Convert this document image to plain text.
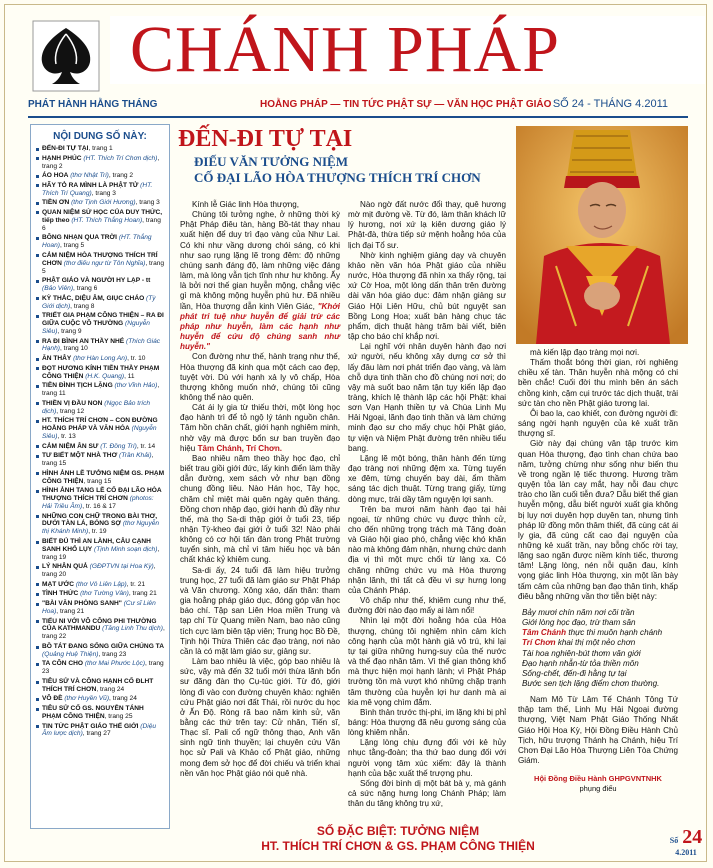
CHÁNH PHÁP
PHÁT HÀNH HẰNG THÁNG	HOẰNG PHÁP — TIN TỨC PHẬT SỰ — VĂN HỌC PHẬT GIÁO SỐ 24 - THÁNG 4.2011
NỘI DUNG SỐ NÀY:
ĐẾN-ĐI TỰ TẠI, trang 1
HẠNH PHÚC (HT. Thích Trí Chơn dịch), trang 2
ÁO HOA (thơ Nhật Tri), trang 2
HÃY TỎ RA MÌNH LÀ PHẬT TỬ (HT. Thích Trí Quang), trang 3
TIỀN ƠN (thơ Tịnh Giới Hương), trang 3
QUAN NIỆM SỨ HỌC CỦA DUY THỨC, tiếp theo (HT. Thích Thắng Hoan), trang 6
BÔNG NHẠN QUA TRỜI (HT. Thắng Hoan), trang 5
CẢM NIỆM HÒA THƯỢNG THÍCH TRÍ CHƠN (thơ điếu ngư từ Tôn Nghĩa), trang 5
PHẬT GIÁO VÀ NGƯỜI HY LẠP - tt (Bảo Viên), trang 6
KỲ THẮC, DIỆU ÂM, GIỤC CHÁO (Tỳ Giới dịch), trang 8
TRIẾT GIA PHẠM CÔNG THIỆN – RA ĐI GIỮA CUỘC VÔ THƯỜNG (Nguyễn Siêu), trang 9
RA ĐI BÌNH AN THẦY NHÉ (Thích Giác Hạnh), trang 10
ĂN THÂY (thơ Hàn Long An), tr. 10
ĐỌT HƯƠNG KÍNH TIỄN THẦY PHẠM CÔNG THIỆN (H.K. Quang), 11
TIỄN ĐÌNH TỊCH LẶNG (thơ Vĩnh Hảo), trang 11
THIỀN VỊ ĐẦU NON (Ngọc Bảo trích dịch), trang 12
HT. THÍCH TRÍ CHƠN – CON ĐƯỜNG HOẰNG PHÁP VÀ VĂN HÓA (Nguyễn Siêu), tr. 13
CẢM NIỆM ÂN SƯ (T. Đồng Trí), tr. 14
TƯ BIẾT MỘT NHÀ THƠ (Trần Khải), trang 15
HÌNH ẢNH LỄ TƯỞNG NIỆM GS. PHẠM CÔNG THIỆN, trang 15
HÌNH ẢNH TANG LỄ CỐ ĐẠI LÃO HÒA THƯỢNG THÍCH TRÍ CHƠN (photos: Hải Triều Âm), tr. 16 & 17
NHỮNG CON CHỮ TRONG BÀI THƠ, DƯỚI TÀN LÁ, BÓNG SỢ (thơ Nguyễn thị Khánh Minh), tr. 19
BIẾT ĐỦ THÌ AN LÀNH, CÂU CẠNH SANH KHỔ LỤY (Tịnh Minh soạn dịch), trang 19
LÝ NHÂN QUẢ (GĐPTVN tại Hoa Kỳ), trang 20
MẠT ƯỚC (thơ Vô Liên Lập), tr. 21
TÌNH THỨC (thơ Tường Vân), trang 21
"BÀI VĂN PHÒNG SANH" (Cư sĩ Liên Hoa), trang 21
TIẾU NI VỚI VÔ CÔNG PHI THƯỜNG CỦA KATHMANDU (Tăng Linh Thu dịch), trang 22
BỒ TÁT ĐANG SỐNG GIỮA CHÚNG TA (Quảng Huệ Thiện), trang 23
TA CÔN CHO (thơ Mai Phước Lộc), trang 23
TIÊU SỬ VÀ CÔNG HẠNH CỐ ĐLHT THÍCH TRÍ CHƠN, trang 24
VÔ ĐỀ (thơ Huyền Vũ), trang 24
TIÊU SỬ CỐ GS. NGUYỄN TÁNH PHẠM CÔNG THIỆN, trang 25
TIN TỨC PHẬT GIÁO THẾ GIỚI (Diệu Âm lược dịch), trang 27
ĐẾN-ĐI TỰ TẠI
ĐIẾU VĂN TƯỞNG NIỆM
CỐ ĐẠI LÃO HÒA THƯỢNG THÍCH TRÍ CHƠN

Kính lễ Giác linh Hòa thượng,

Chúng tôi tưởng nghe, ở những thời kỳ Phật Pháp điêu tàn, hàng Bồ-tát thay nhau xuất hiện để duy trì đạo vàng của Như Lai. Có khi như vầng dương chói sáng, có khi như sao rụng lặng lẽ trong đêm: độ những chúng sanh đáng độ, làm những việc đáng làm, mà lòng vẫn tịch tĩnh như hư không. Ấy là bởi nơi thế gian huyễn mộng, chẳng việc gì mà không mộng huyễn phù hư. Đã nhiều lần, Hòa thượng dẫn kinh Viên Giác, "Khởi phát tri tuệ như huyễn để giải trừ các pháp như huyễn, làm các hạnh như huyễn để cứu độ chúng sanh như huyễn."

Con đường như thế, hành trạng như thế, Hòa thượng đã kinh qua một cách cao đẹp, tuyệt vời. Dù với hạnh xả ly vô chấp, Hòa thượng không muốn nhớ, chúng tôi cũng không thể nào quên.

Cát ái ly gia từ thiếu thời, một lòng học đạo hành trì để tỏ ngộ lý tánh nguồn chân. Tâm hồn chân chất, giới hạnh nghiêm minh, nhờ vậy mà được bổn sư ban truyền đạo hiệu Tâm Chánh, Trí Chơn.

Bao nhiêu năm theo thầy học đạo, chỉ biết trau giồi giới đức, lấy kinh điển làm thầy dẫn đường, xem sách vở như bạn đồng chung đồng liêu. Nào Hán học, Tây học, chăm chỉ miệt mài quên ngày quên tháng. Đồng chơn nhập đạo, giới hạnh đủ đầy như thế, mà thọ Sa-di thập giới ở tuổi 23, tiếp nhận Tỳ-kheo đại giới ở tuổi 32! Nào phải không có cơ hội tấn đàn trong Phật trường tuyển sinh, mà chỉ vì tâm hiếu học và bản chất khác kỷ khiêm cung.

Sa-di ấy, 24 tuổi đã làm hiệu trưởng trung học, 27 tuổi đã làm giáo sư Phật Pháp và Văn chương. Xông xáo, dấn thân: tham gia hoằng pháp giáo dục, đóng góp văn học báo chí. Tập san Liên Hoa miền Trung và tạp chí Từ Quang miền Nam, bao nào cũng tích cực làm biên tập viên; Trung học Bồ Đề, Tịnh hội Thừa Thiên các đạo tràng, nơi nào cần là có mặt làm giáo sư, giảng sư.

Làm bao nhiêu là việc, góp bao nhiêu là sức, vậy mà đến 32 tuổi mới thừa lãnh bổn sư đăng đàn thọ Cụ-túc giới. Từ đó, giới lòng đi vào con đường chuyên khảo: nghiên cứu Phật giáo nơi đất Thái, rồi nước du học ở Ấn Độ. Ròng rã bao năm kinh sử, văn bằng các thứ trên tay: Cử nhân, Tiến sĩ, Thạc sĩ. Pali cổ ngữ thông thạo, Anh văn sinh ngữ tinh thuyền; lại chuyên cứu Văn học sử Pali và Khảo cổ Phật giáo, những mong đem sở học để đời chiếu và triển khai nền văn học Phật giáo nói quê nhà.

Nào ngờ đất nước đổi thay, quê hương mờ mịt đường về. Từ đó, làm thân khách lữ lý hương, nơi xứ lạ kiên dương giáo lý Phật-đà, thừa tiếp sứ mệnh hoằng hóa của lịch đại Tổ sư.

Nhờ kinh nghiệm giảng dạy và chuyên khảo nền văn hóa Phật giáo của nhiều nước, Hòa thượng đã nhìn xa thấy rộng, tại xứ Cờ Hoa, một lòng dấn thân trên đường dài văn hóa giáo dục: đảm nhận giảng sư Giáo Hội Liên Hữu, chủ bút nguyệt san Bồng Long Hoa; xuất bản hàng chục tác phẩm, dịch thuật hàng trăm bài viết, biên tập cho báo chí khắp nơi.

Lại nghĩ với nhân duyên hành đạo nơi xứ người, nếu không xây dựng cơ sở thì lấy đâu làm nơi phát triển đạo vàng, và làm chỗ dựa tinh thần cho đồ chúng nơi nơi; do vậy mà suốt bao năm tận tụy kiến lập đạo tràng, khích lệ thành lập các hội Phật: khai sơn Vạn Hạnh thiền tự và Chùa Linh Mụ Hải Ngoại, lãnh đạo tinh thần và làm chứng minh đạo sư cho mấy chục hội Phật giáo, tự viện và Niệm Phật đường trên nhiều tiểu bang.

Lặng lẽ một bóng, thân hành đến từng đạo tràng nơi những đệm xa. Từng tuyến xe đêm, từng chuyến bay dài, ẩm thầm sáng tác dịch thuật. Từng trang giấy, từng dòng mực, trải dầy tâm nguyện lợi sanh.

Trên ba mươi năm hành đạo tại hải ngoại, từ những chức vụ được thỉnh cử, cho đến những trọng trách mà Tăng đoàn và Giáo hội giao phó, chẳng việc khó khăn nào mà không đảm nhận, nhưng chức danh địa vị thì một mực chối từ làng xa. Có chăng những chức vụ mà Hòa thượng nhận lãnh, thì tất cả đều vì sự hưng long của Chánh Pháp.

Vô chấp như thế, khiêm cung như thế, đường đời nào đạo mấy ai làm nổi!

Nhìn lại một đời hoằng hóa của Hòa thượng, chúng tôi nghiệm nhìn cảm kích công hạnh của một hành giả vô trú, khi lại tự tại giữa những hưng-suy của thế nước và thế đạo nhân tâm. Vì thế gian thông khổ mà thực hiện mọi hạnh lành; vì Phật Pháp trường tồn mà vượt khó những chặp trạnh tâm thường của huyễn lợi hư danh mà ai kia mê vọng chìm đắm.

Bình thản trước thị-phi, im lặng khi bị phỉ báng: Hòa thượng đã nêu gương sáng của lòng khiêm nhẫn.

Lặng lòng chịu đựng đối với kẻ hủy nhục tằng-đoàn; tha thứ bao dung đối với người vọng tâm xúc xiểm: đây là thành hạnh của bậc xuất thế trượng phu.

Sống đời bình dị một bát bà y, mà gánh cả sức nặng hưng long Chánh Pháp; làm thân du tăng không trụ xứ,

mà kiến lập đạo tràng mọi nơi.

Thấm thoắt bóng thời gian, rời nghiêng chiều xế tàn. Thân huyễn nhà mộng có chi bền chắc! Cuối đời thu mình bên án sách chồng kinh, cặm cụi trước tác dịch thuật, trải sức tàn cho nền Phật giáo tương lai.

Ôi bao la, cao khiết, con đường người đi: sáng ngời hạnh nguyện của kẻ xuất trần thượng sĩ.

Giờ này đại chúng vân tập trước kim quan Hòa thượng, đạo tình chan chứa bao năm, tưởng chừng như sống như biến thu về trong ngần lệ tiếc thương. Hương trầm quyện tỏa làn cay mắt, hay nỗi đau chực trào cho lần cuối tiễn đưa? Dẫu biết thế gian huyễn mộng, dẫu biết người xuất gia không bị lụy nơi duyên hợp duyên tan, nhưng tình pháp lữ đồng môn thâm thiết, đã cùng cát ái ly gia, đã cùng cất cao đại nguyện của những kẻ xuất trần, nay bỗng chốc rời tay, lặng sao ngăn được niềm kính tiếc, thương tâm! Lặng lòng, nén nỗi quặn đau, kính vọng giác linh Hòa thượng, xin một lần bày tấm cảm của những bạn đạo thân tình, khấp điêu bằng những vần thơ tiễn biệt này:

Bảy mươi chín năm nơi cõi trần
Giới lòng học đạo, trừ tham sân
Tâm Chánh thực thi muôn hạnh chánh
Trí Chơn khai thị một nẻo chơn
Tài hoa nghiên-bút thơm văn giới
Đạo hạnh nhẫn-từ tỏa thiền môn
Sống-chết, đến-đi hằng tự tại
Bước sen tịch lặng điểm chơn thường.

Nam Mô Từ Lâm Tế Chánh Tông Tứ thập tam thế, Linh Mụ Hải Ngoại đường thượng, Việt Nam Phật Giáo Thống Nhất Giáo Hội Hoa Kỳ, Hội Đồng Điều Hành Chủ Tịch, hữu trượng Thánh hạ Chánh, hiệu Trí Chơn Đại Lão Hòa Thượng Liên Tòa Chứng Giám.

Hội Đồng Điều Hành GHPGVNTNHK
phụng điếu
SỐ ĐẶC BIỆT: TƯỞNG NIỆM
HT. THÍCH TRÍ CHƠN & GS. PHẠM CÔNG THIỆN	Số 24
4.2011
